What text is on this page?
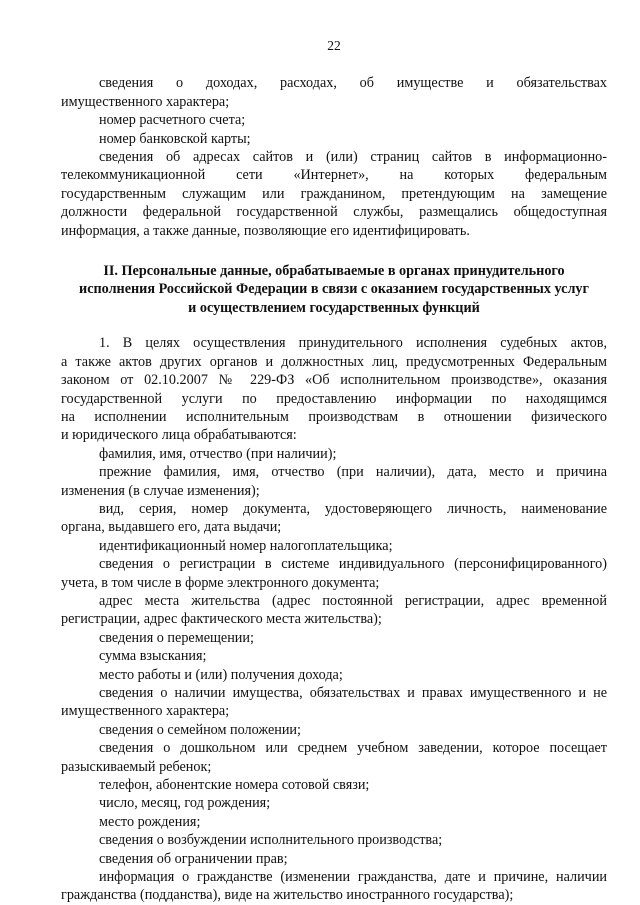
22

сведения о доходах, расходах, об имуществе и обязательствах

имущественного характера;

номер расчетного счета;

номер банковской карты;

сведения об адресах сайтов и (или) страниц сайтов в информационно-

телекоммуникационной сети «Интернет», на которых федеральным

государственным служащим или гражданином, претендующим на замещение

должности федеральной государственной службы, размещались общедоступная

информация, а также данные, позволяющие его идентифицировать.

II. Персональные данные, обрабатываемые в органах принудительного
исполнения Российской Федерации в связи с оказанием государственных услуг
и осуществлением государственных функций

1. В целях осуществления принудительного исполнения судебных актов,

а также актов других органов и должностных лиц, предусмотренных Федеральным

законом от 02.10.2007 № 229-ФЗ «Об исполнительном производстве», оказания

государственной услуги по предоставлению информации по находящимся

на исполнении исполнительным производствам в отношении физического

и юридического лица обрабатываются:

фамилия, имя, отчество (при наличии);

прежние фамилия, имя, отчество (при наличии), дата, место и причина

изменения (в случае изменения);

вид, серия, номер документа, удостоверяющего личность, наименование

органа, выдавшего его, дата выдачи;

идентификационный номер налогоплательщика;

сведения о регистрации в системе индивидуального (персонифицированного)

учета, в том числе в форме электронного документа;

адрес места жительства (адрес постоянной регистрации, адрес временной

регистрации, адрес фактического места жительства);

сведения о перемещении;

сумма взыскания;

место работы и (или) получения дохода;

сведения о наличии имущества, обязательствах и правах имущественного и не

имущественного характера;

сведения о семейном положении;

сведения о дошкольном или среднем учебном заведении, которое посещает

разыскиваемый ребенок;

телефон, абонентские номера сотовой связи;

число, месяц, год рождения;

место рождения;

сведения о возбуждении исполнительного производства;

сведения об ограничении прав;

информация о гражданстве (изменении гражданства, дате и причине, наличии

гражданства (подданства), виде на жительство иностранного государства);
